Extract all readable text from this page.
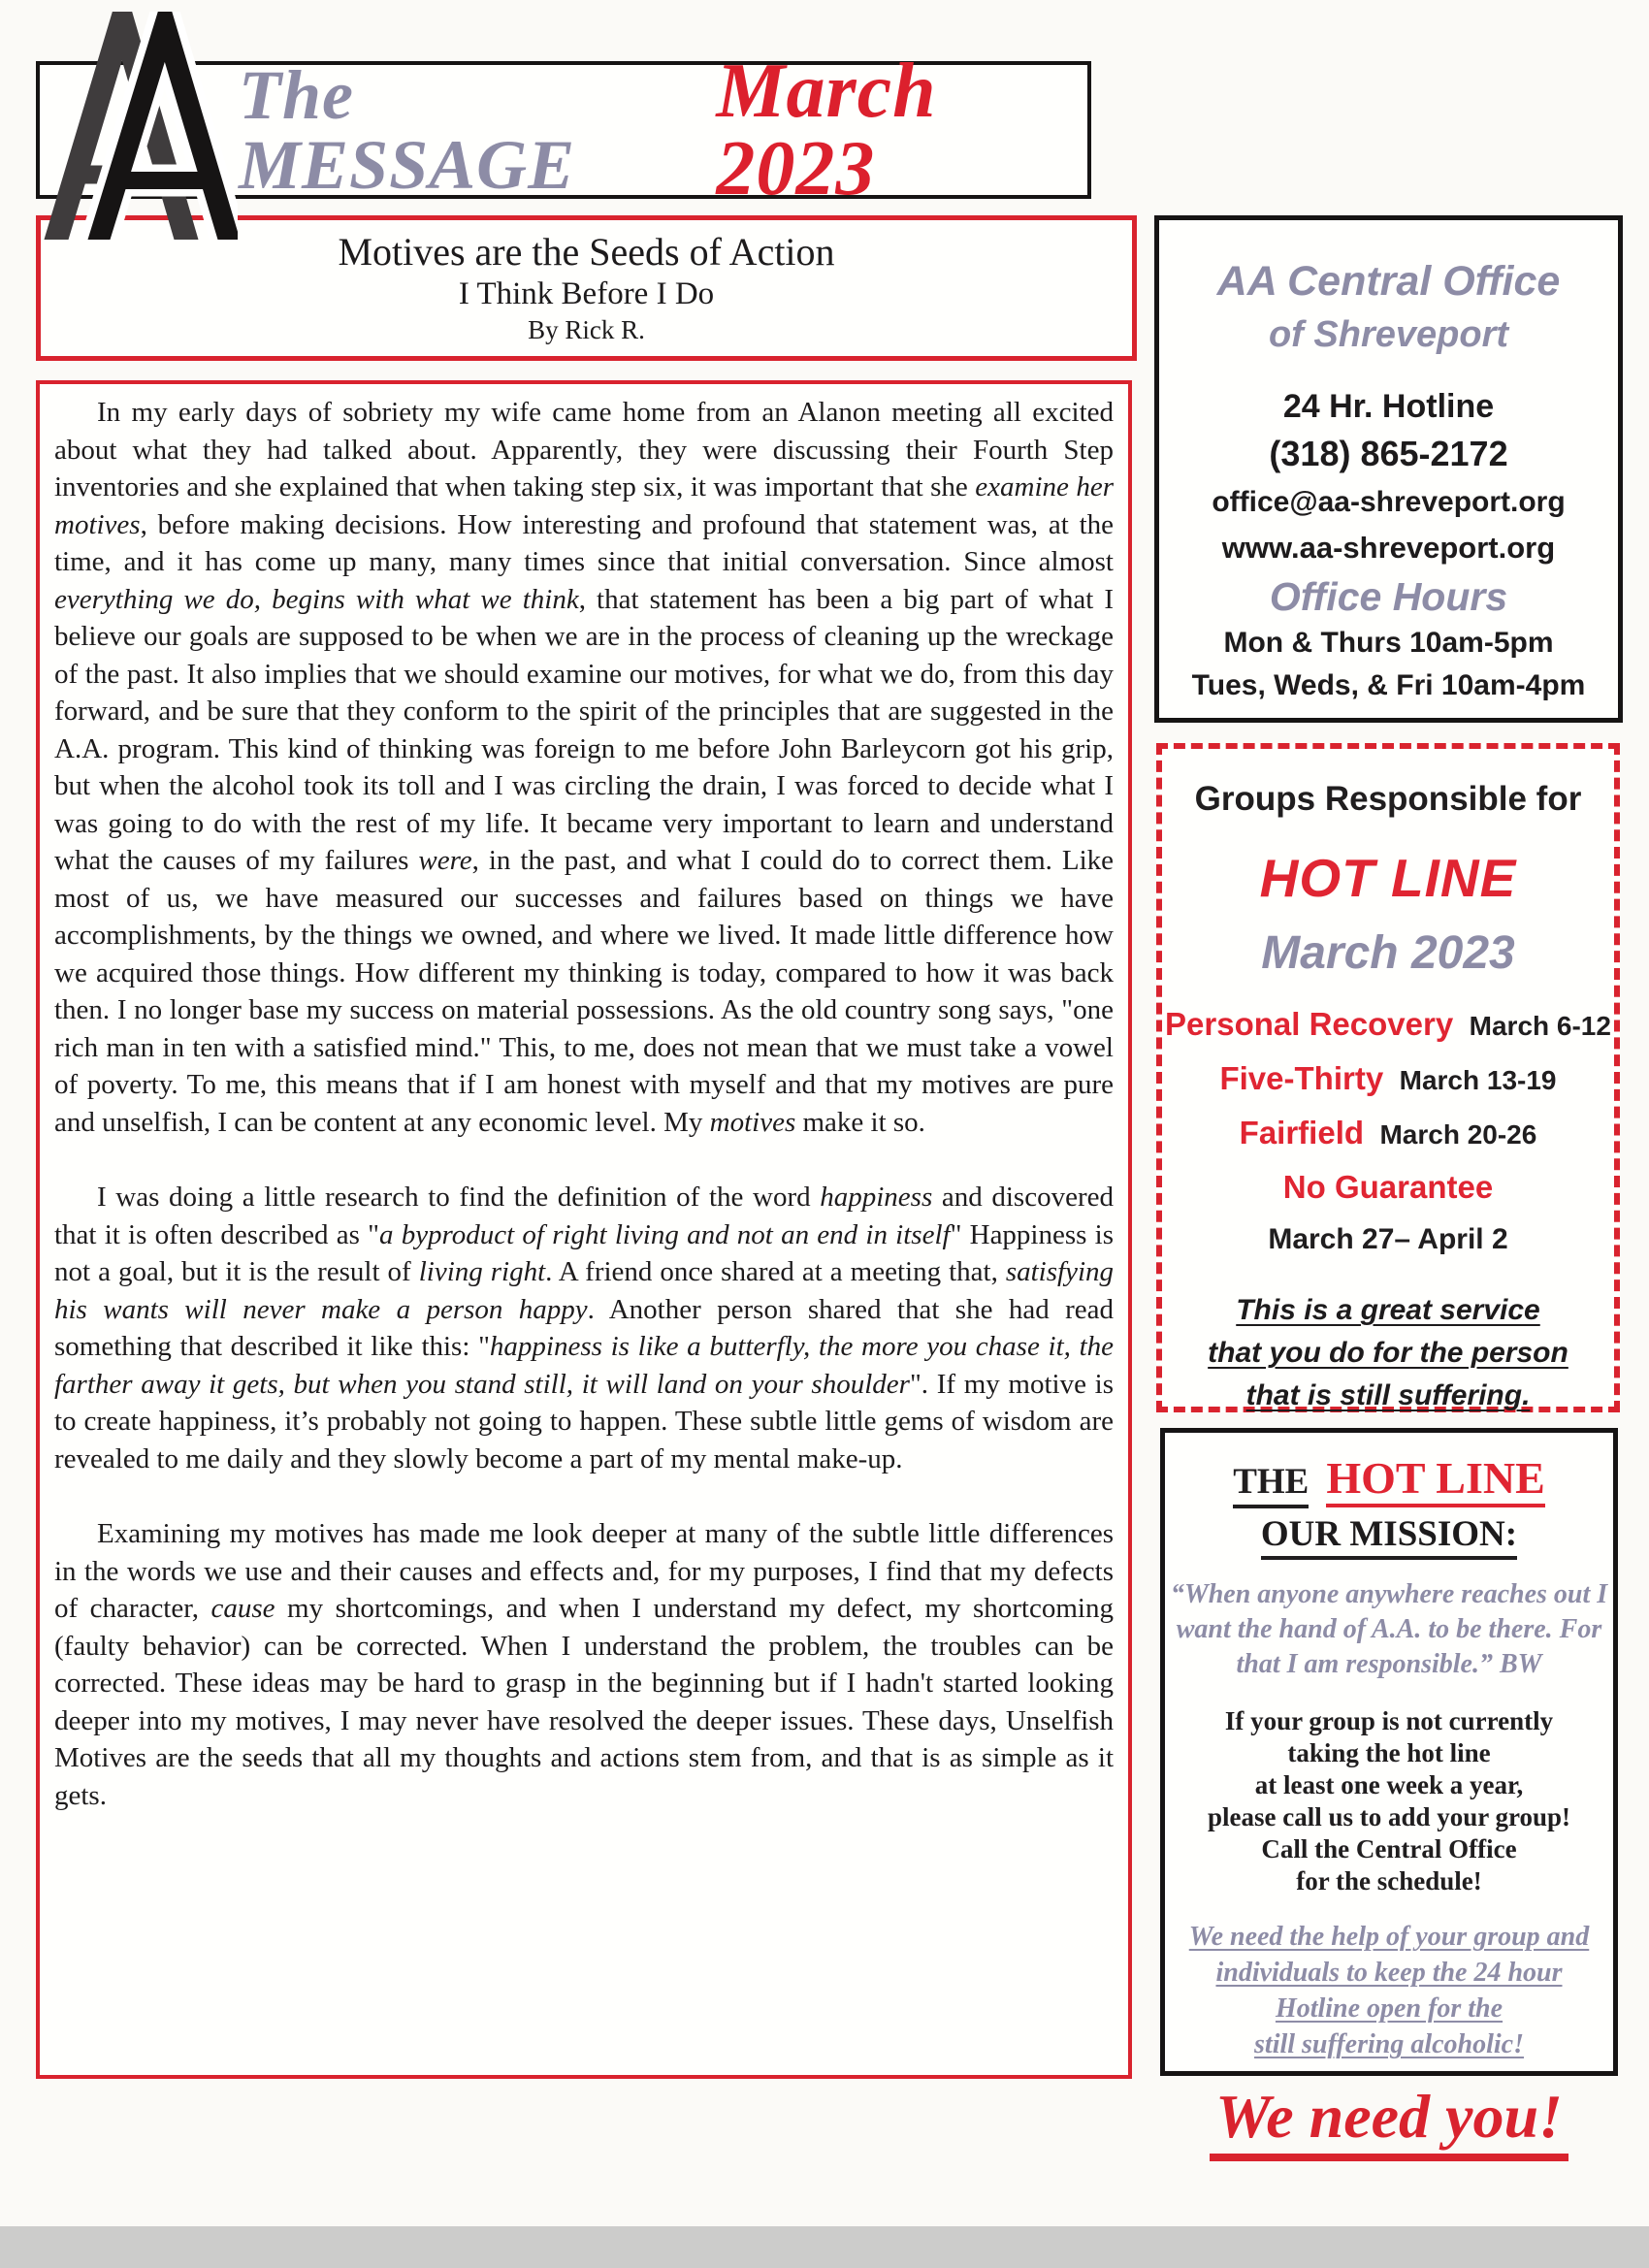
The MESSAGE
March 2023
Motives are the Seeds of Action
I Think Before I Do
By Rick R.

In my early days of sobriety my wife came home from an Alanon meeting all excited about what they had talked about. Apparently, they were discussing their Fourth Step inventories and she explained that when taking step six, it was important that she examine her motives, before making decisions. How interesting and profound that statement was, at the time, and it has come up many, many times since that initial conversation. Since almost everything we do, begins with what we think, that statement has been a big part of what I believe our goals are supposed to be when we are in the process of cleaning up the wreckage of the past. It also implies that we should examine our motives, for what we do, from this day forward, and be sure that they conform to the spirit of the principles that are suggested in the A.A. program. This kind of thinking was foreign to me before John Barleycorn got his grip, but when the alcohol took its toll and I was circling the drain, I was forced to decide what I was going to do with the rest of my life. It became very important to learn and understand what the causes of my failures were, in the past, and what I could do to correct them. Like most of us, we have measured our successes and failures based on things we have accomplishments, by the things we owned, and where we lived. It made little difference how we acquired those things. How different my thinking is today, compared to how it was back then. I no longer base my success on material possessions. As the old country song says, "one rich man in ten with a satisfied mind." This, to me, does not mean that we must take a vowel of poverty. To me, this means that if I am honest with myself and that my motives are pure and unselfish, I can be content at any economic level. My motives make it so.

I was doing a little research to find the definition of the word happiness and discovered that it is often described as "a byproduct of right living and not an end in itself" Happiness is not a goal, but it is the result of living right. A friend once shared at a meeting that, satisfying his wants will never make a person happy. Another person shared that she had read something that described it like this: "happiness is like a butterfly, the more you chase it, the farther away it gets, but when you stand still, it will land on your shoulder". If my motive is to create happiness, it’s probably not going to happen. These subtle little gems of wisdom are revealed to me daily and they slowly become a part of my mental make-up.

Examining my motives has made me look deeper at many of the subtle little differences in the words we use and their causes and effects and, for my purposes, I find that my defects of character, cause my shortcomings, and when I understand my defect, my shortcoming (faulty behavior) can be corrected. When I understand the problem, the troubles can be corrected. These ideas may be hard to grasp in the beginning but if I hadn't started looking deeper into my motives, I may never have resolved the deeper issues. These days, Unselfish Motives are the seeds that all my thoughts and actions stem from, and that is as simple as it gets.

AA Central Office
of Shreveport
24 Hr. Hotline
(318) 865-2172
office@aa-shreveport.org
www.aa-shreveport.org
Office Hours
Mon & Thurs 10am-5pm
Tues, Weds, & Fri 10am-4pm
Groups Responsible for
HOT LINE
March 2023
Personal Recovery March 6-12
Five-Thirty March 13-19
Fairfield March 20-26
No Guarantee
March 27– April 2
This is a great service
that you do for the person
that is still suffering.
THE HOT LINE
OUR MISSION:
“When anyone anywhere reaches out I
want the hand of A.A. to be there. For
that I am responsible.” BW
If your group is not currently
taking the hot line
at least one week a year,
please call us to add your group!
Call the Central Office
for the schedule!
We need the help of your group and
individuals to keep the 24 hour
Hotline open for the
still suffering alcoholic!
We need you!
